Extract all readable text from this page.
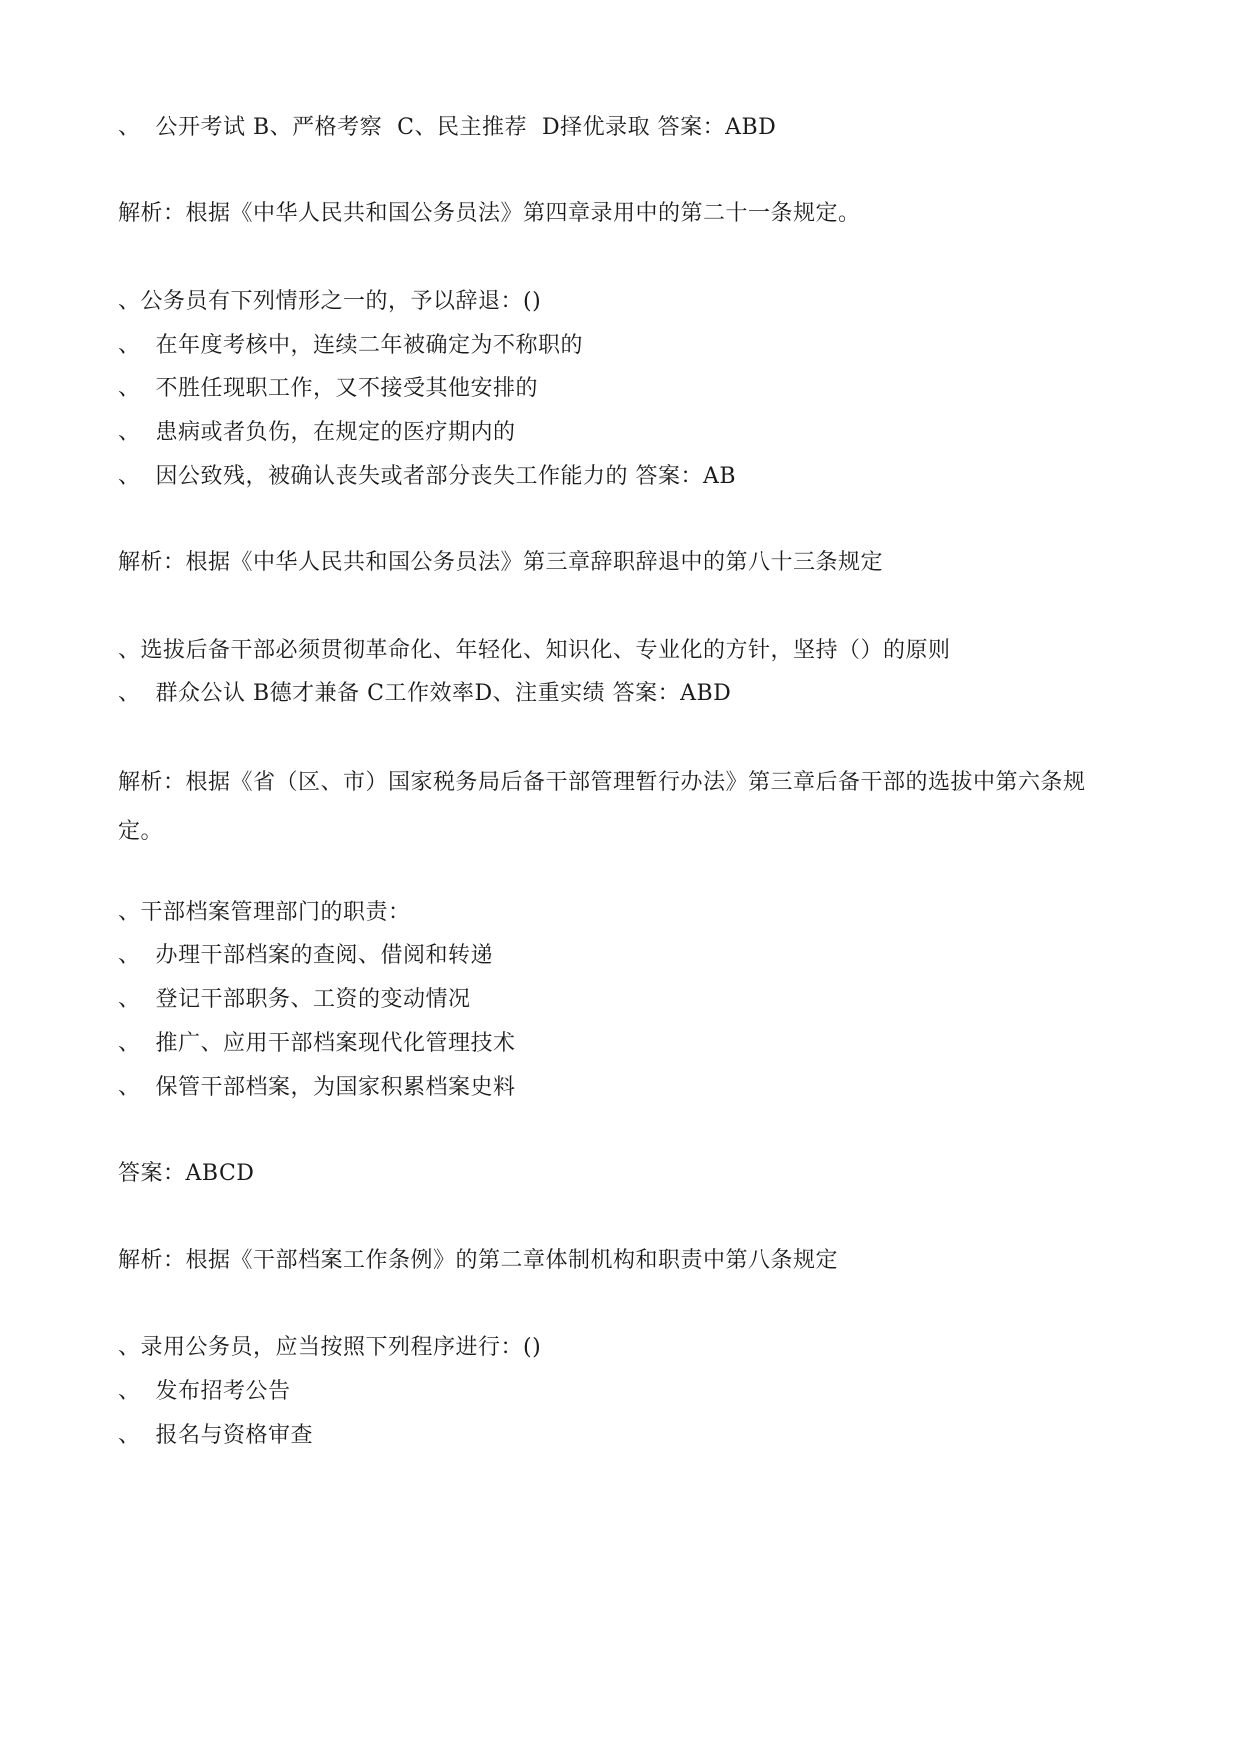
、  公开考试 B、严格考察  C、民主推荐  D择优录取 答案：ABD
解析：根据《中华人民共和国公务员法》第四章录用中的第二十一条规定。
、公务员有下列情形之一的，予以辞退：()
、  在年度考核中，连续二年被确定为不称职的
、  不胜任现职工作，又不接受其他安排的
、  患病或者负伤，在规定的医疗期内的
、  因公致残，被确认丧失或者部分丧失工作能力的 答案：AB
解析：根据《中华人民共和国公务员法》第三章辞职辞退中的第八十三条规定
、选拔后备干部必须贯彻革命化、年轻化、知识化、专业化的方针，坚持（）的原则
、  群众公认 B德才兼备 C工作效率D、注重实绩 答案：ABD
解析：根据《省（区、市）国家税务局后备干部管理暂行办法》第三章后备干部的选拔中第六条规定。
、干部档案管理部门的职责：
、  办理干部档案的查阅、借阅和转递
、  登记干部职务、工资的变动情况
、  推广、应用干部档案现代化管理技术
、  保管干部档案，为国家积累档案史料
答案：ABCD
解析：根据《干部档案工作条例》的第二章体制机构和职责中第八条规定
、录用公务员，应当按照下列程序进行：()
、  发布招考公告
、  报名与资格审查
